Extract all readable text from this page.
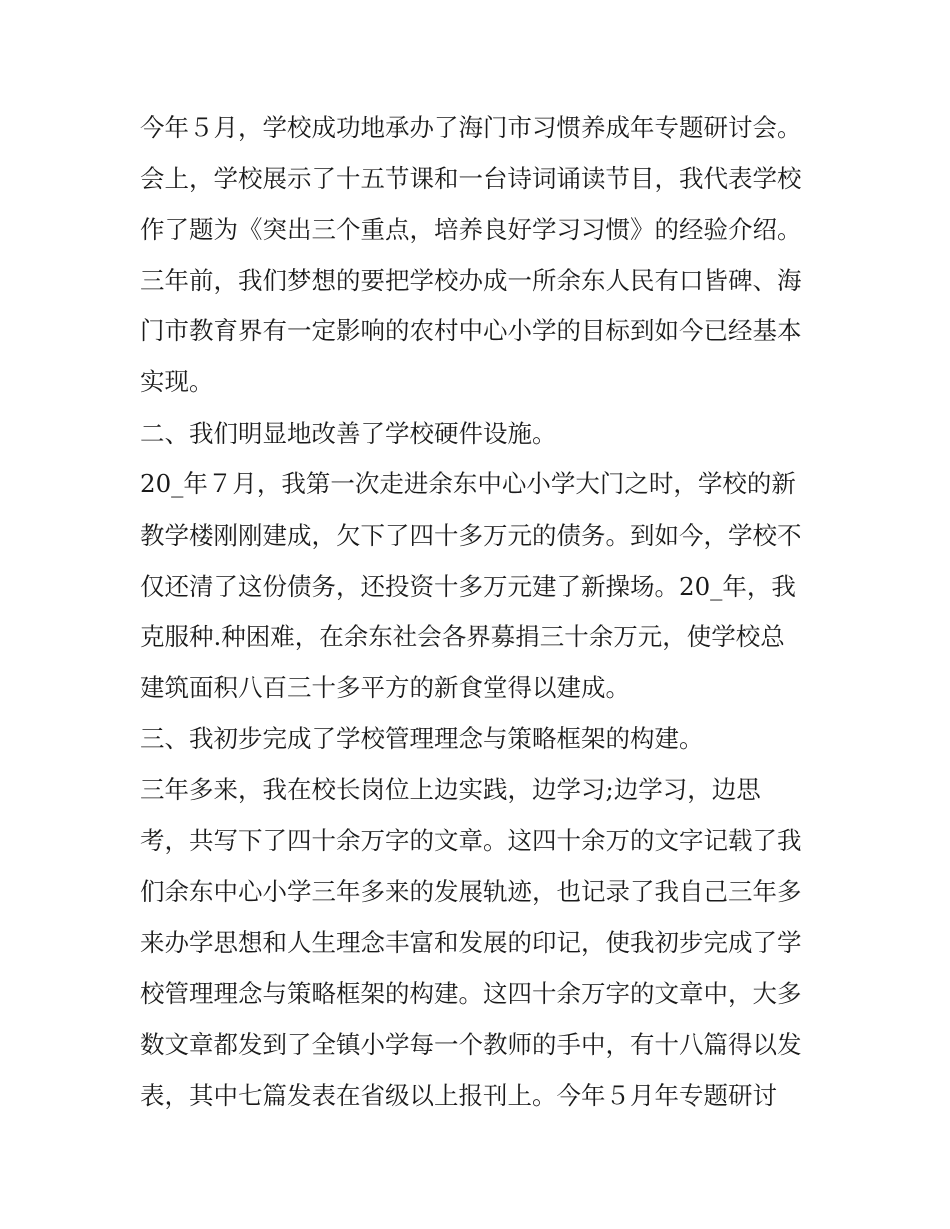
今年５月，学校成功地承办了海门市习惯养成年专题研讨会。
会上，学校展示了十五节课和一台诗词诵读节目，我代表学校
作了题为《突出三个重点，培养良好学习习惯》的经验介绍。
三年前，我们梦想的要把学校办成一所余东人民有口皆碑、海
门市教育界有一定影响的农村中心小学的目标到如今已经基本
实现。
二、我们明显地改善了学校硬件设施。
20_年７月，我第一次走进余东中心小学大门之时，学校的新
教学楼刚刚建成，欠下了四十多万元的债务。到如今，学校不
仅还清了这份债务，还投资十多万元建了新操场。20_年，我
克服种.种困难，在余东社会各界募捐三十余万元，使学校总
建筑面积八百三十多平方的新食堂得以建成。
三、我初步完成了学校管理理念与策略框架的构建。
三年多来，我在校长岗位上边实践，边学习;边学习，边思
考，共写下了四十余万字的文章。这四十余万的文字记载了我
们余东中心小学三年多来的发展轨迹，也记录了我自己三年多
来办学思想和人生理念丰富和发展的印记，使我初步完成了学
校管理理念与策略框架的构建。这四十余万字的文章中，大多
数文章都发到了全镇小学每一个教师的手中，有十八篇得以发
表，其中七篇发表在省级以上报刊上。今年５月年专题研讨
